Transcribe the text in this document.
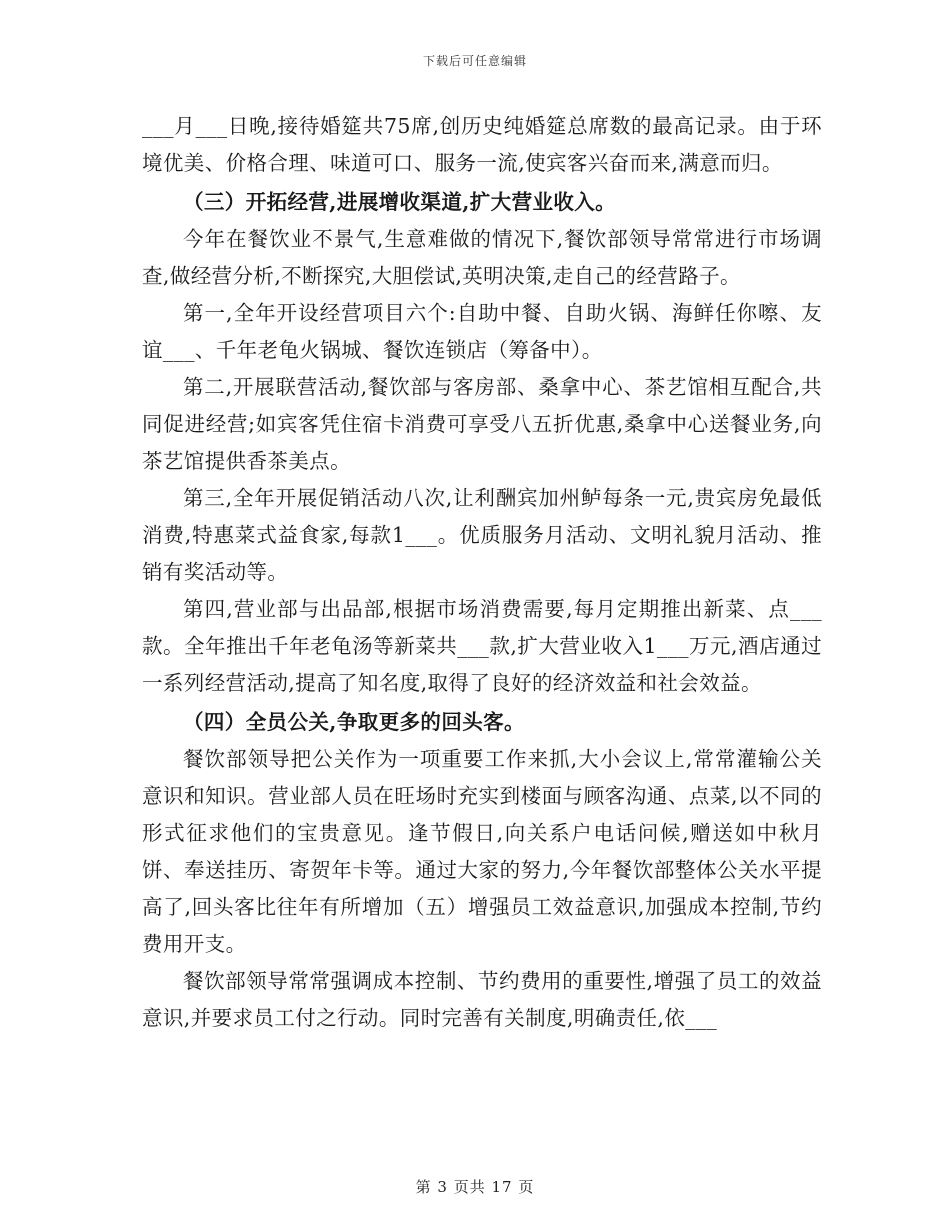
下载后可任意编辑

___月___日晚,接待婚筵共75席,创历史纯婚筵总席数的最高记录。由于环境优美、价格合理、味道可口、服务一流,使宾客兴奋而来,满意而归。

（三）开拓经营,进展增收渠道,扩大营业收入。

今年在餐饮业不景气,生意难做的情况下,餐饮部领导常常进行市场调查,做经营分析,不断探究,大胆偿试,英明决策,走自己的经营路子。

第一,全年开设经营项目六个:自助中餐、自助火锅、海鲜任你嚓、友谊___、千年老龟火锅城、餐饮连锁店（筹备中）。

第二,开展联营活动,餐饮部与客房部、桑拿中心、茶艺馆相互配合,共同促进经营;如宾客凭住宿卡消费可享受八五折优惠,桑拿中心送餐业务,向茶艺馆提供香茶美点。

第三,全年开展促销活动八次,让利酬宾加州鲈每条一元,贵宾房免最低消费,特惠菜式益食家,每款1___。优质服务月活动、文明礼貌月活动、推销有奖活动等。

第四,营业部与出品部,根据市场消费需要,每月定期推出新菜、点___款。全年推出千年老龟汤等新菜共___款,扩大营业收入1___万元,酒店通过一系列经营活动,提高了知名度,取得了良好的经济效益和社会效益。

（四）全员公关,争取更多的回头客。

餐饮部领导把公关作为一项重要工作来抓,大小会议上,常常灌输公关意识和知识。营业部人员在旺场时充实到楼面与顾客沟通、点菜,以不同的形式征求他们的宝贵意见。逢节假日,向关系户电话问候,赠送如中秋月饼、奉送挂历、寄贺年卡等。通过大家的努力,今年餐饮部整体公关水平提高了,回头客比往年有所增加（五）增强员工效益意识,加强成本控制,节约费用开支。

餐饮部领导常常强调成本控制、节约费用的重要性,增强了员工的效益意识,并要求员工付之行动。同时完善有关制度,明确责任,依___

第 3 页共 17 页
